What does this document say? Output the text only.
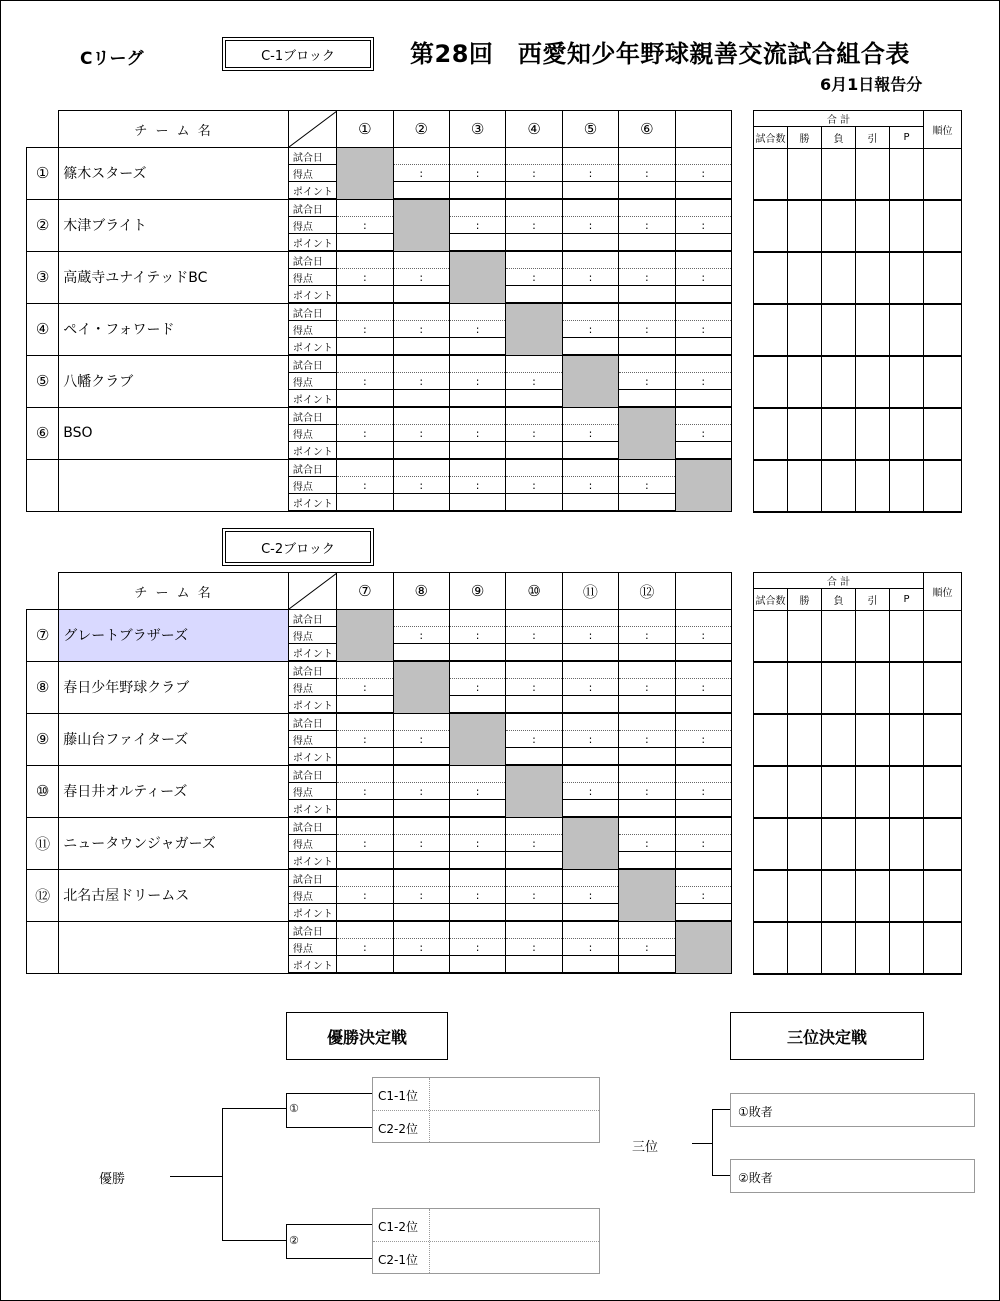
Cリーグ	C-1ブロック	第28回　西愛知少年野球親善交流試合組合表
6月1日報告分
	チ ー ム 名		①	②	③	④	⑤	⑥	
①	篠木スターズ	試合日							
		得点		:	:	:	:	:	:
		ポイント							
②	木津ブライト	試合日							
		得点	:		:	:	:	:	:
		ポイント							
③	高蔵寺ユナイテッドBC	試合日							
		得点	:	:		:	:	:	:
		ポイント							
④	ペイ・フォワード	試合日							
		得点	:	:	:		:	:	:
		ポイント							
⑤	八幡クラブ	試合日							
		得点	:	:	:	:		:	:
		ポイント							
⑥	BSO	試合日							
		得点	:	:	:	:	:		:
		ポイント							
		試合日							
		得点	:	:	:	:	:	:	
		ポイント							
合 計					順位
試合数	勝	負	引	P	

C-2ブロック
	チ ー ム 名		⑦	⑧	⑨	⑩	⑪	⑫	
⑦	グレートブラザーズ	試合日							
		得点		:	:	:	:	:	:
		ポイント							
⑧	春日少年野球クラブ	試合日							
		得点	:		:	:	:	:	:
		ポイント							
⑨	藤山台ファイターズ	試合日							
		得点	:	:		:	:	:	:
		ポイント							
⑩	春日井オルティーズ	試合日							
		得点	:	:	:		:	:	:
		ポイント							
⑪	ニュータウンジャガーズ	試合日							
		得点	:	:	:	:		:	:
		ポイント							
⑫	北名古屋ドリームス	試合日							
		得点	:	:	:	:	:		:
		ポイント							
		試合日							
		得点	:	:	:	:	:	:	
		ポイント							
合 計					順位
試合数	勝	負	引	P	

優勝決定戦	三位決定戦
優勝
①
②
C1-1位
C2-2位
C1-2位
C2-1位
三位
①敗者
②敗者
